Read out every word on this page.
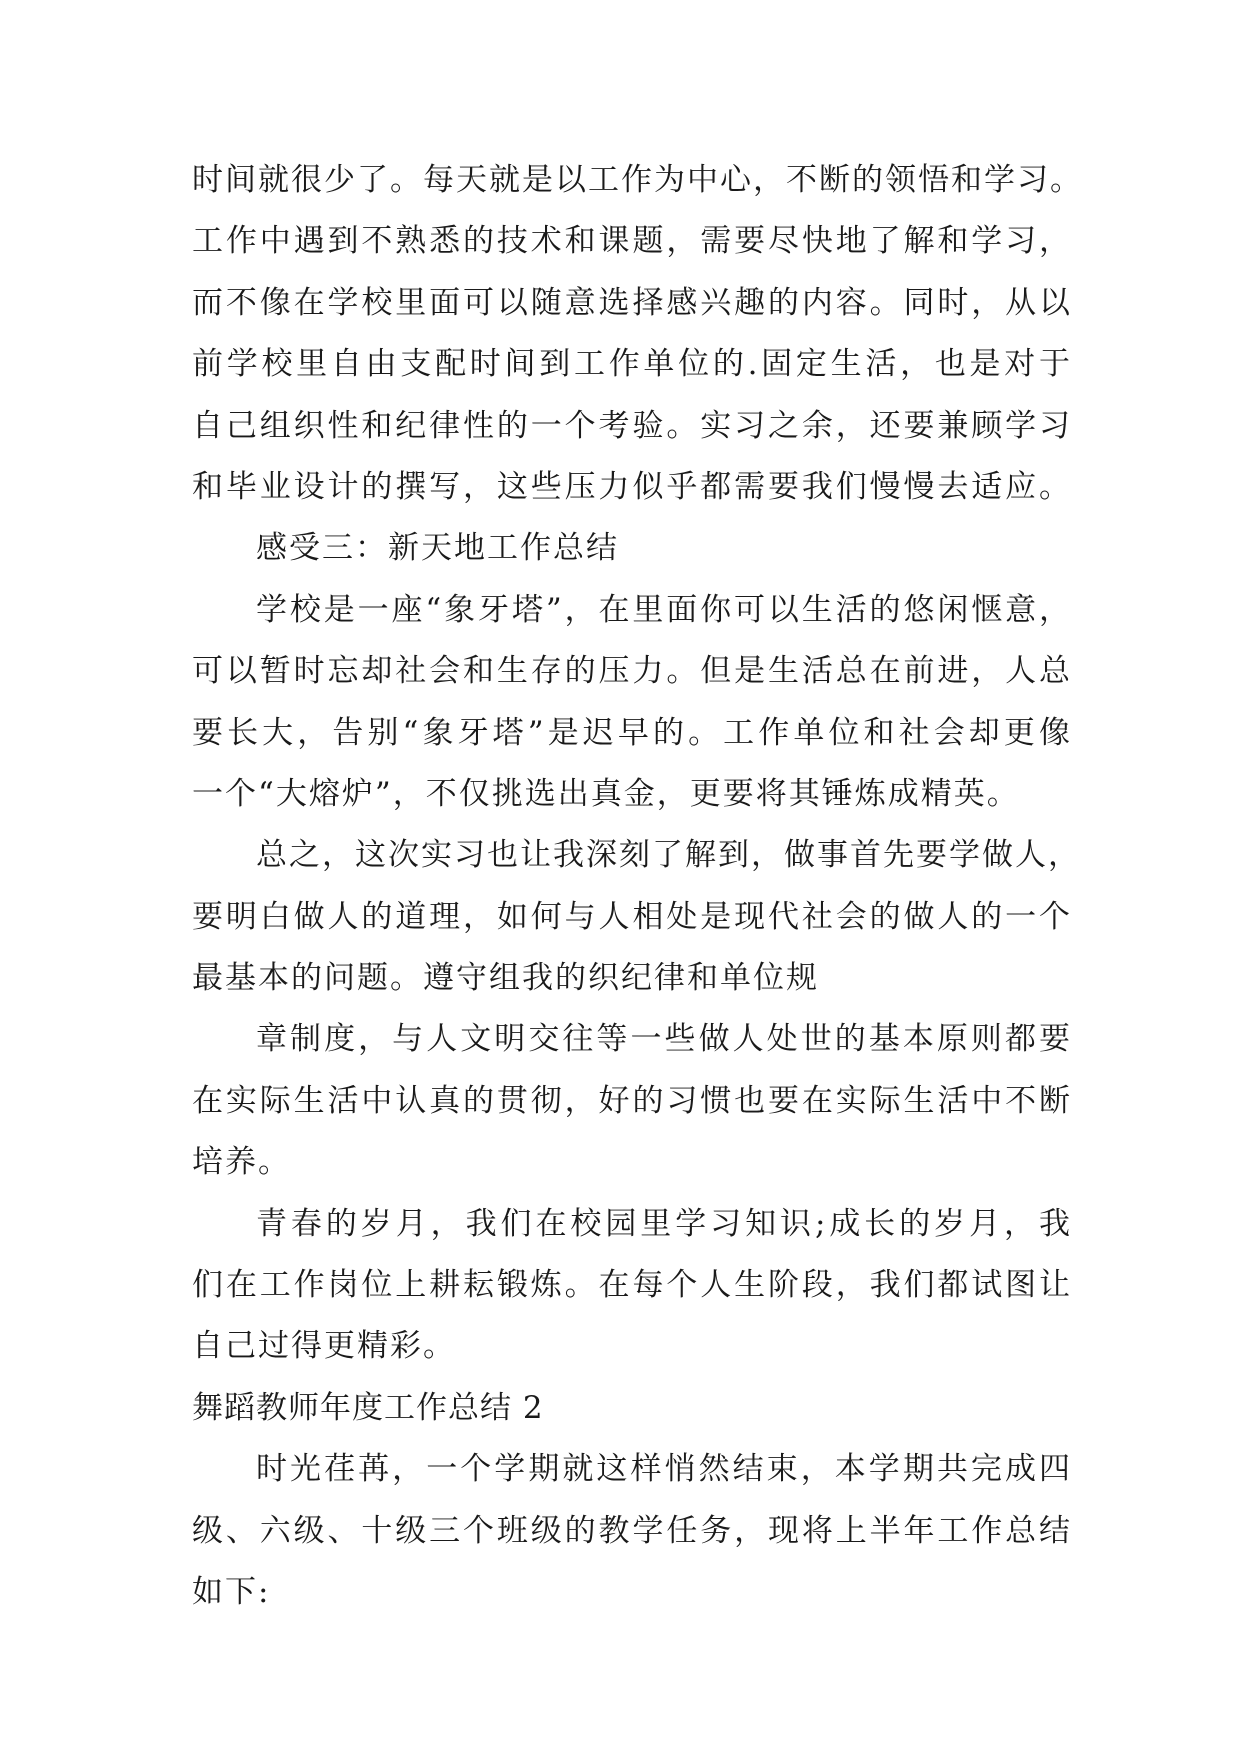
时间就很少了。每天就是以工作为中心，不断的领悟和学习。
工作中遇到不熟悉的技术和课题，需要尽快地了解和学习，
而不像在学校里面可以随意选择感兴趣的内容。同时，从以
前学校里自由支配时间到工作单位的.固定生活，也是对于
自己组织性和纪律性的一个考验。实习之余，还要兼顾学习
和毕业设计的撰写，这些压力似乎都需要我们慢慢去适应。
感受三：新天地工作总结
学校是一座“象牙塔”，在里面你可以生活的悠闲惬意，
可以暂时忘却社会和生存的压力。但是生活总在前进，人总
要长大，告别“象牙塔”是迟早的。工作单位和社会却更像
一个“大熔炉”，不仅挑选出真金，更要将其锤炼成精英。
总之，这次实习也让我深刻了解到，做事首先要学做人，
要明白做人的道理，如何与人相处是现代社会的做人的一个
最基本的问题。遵守组我的织纪律和单位规
章制度，与人文明交往等一些做人处世的基本原则都要
在实际生活中认真的贯彻，好的习惯也要在实际生活中不断
培养。
青春的岁月，我们在校园里学习知识;成长的岁月，我
们在工作岗位上耕耘锻炼。在每个人生阶段，我们都试图让
自己过得更精彩。
舞蹈教师年度工作总结 2
时光荏苒，一个学期就这样悄然结束，本学期共完成四
级、六级、十级三个班级的教学任务，现将上半年工作总结
如下:
